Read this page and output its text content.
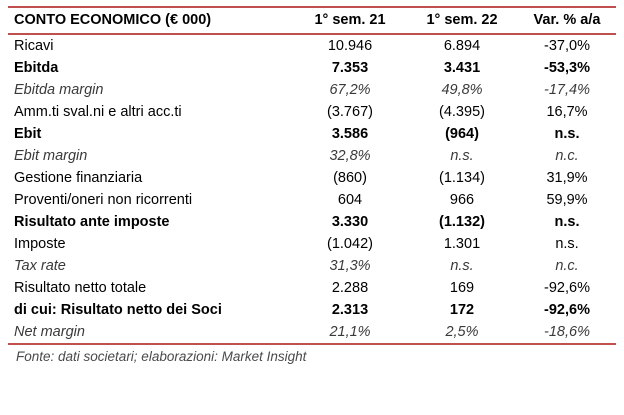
CONTO ECONOMICO (€ 000)	1° sem. 21	1° sem. 22	Var. % a/a
Ricavi	10.946	6.894	-37,0%
Ebitda	7.353	3.431	-53,3%
Ebitda margin	67,2%	49,8%	-17,4%
Amm.ti sval.ni e altri acc.ti	(3.767)	(4.395)	16,7%
Ebit	3.586	(964)	n.s.
Ebit margin	32,8%	n.s.	n.c.
Gestione finanziaria	(860)	(1.134)	31,9%
Proventi/oneri non ricorrenti	604	966	59,9%
Risultato ante imposte	3.330	(1.132)	n.s.
Imposte	(1.042)	1.301	n.s.
Tax rate	31,3%	n.s.	n.c.
Risultato netto totale	2.288	169	-92,6%
di cui: Risultato netto dei Soci	2.313	172	-92,6%
Net margin	21,1%	2,5%	-18,6%
Fonte: dati societari; elaborazioni: Market Insight
